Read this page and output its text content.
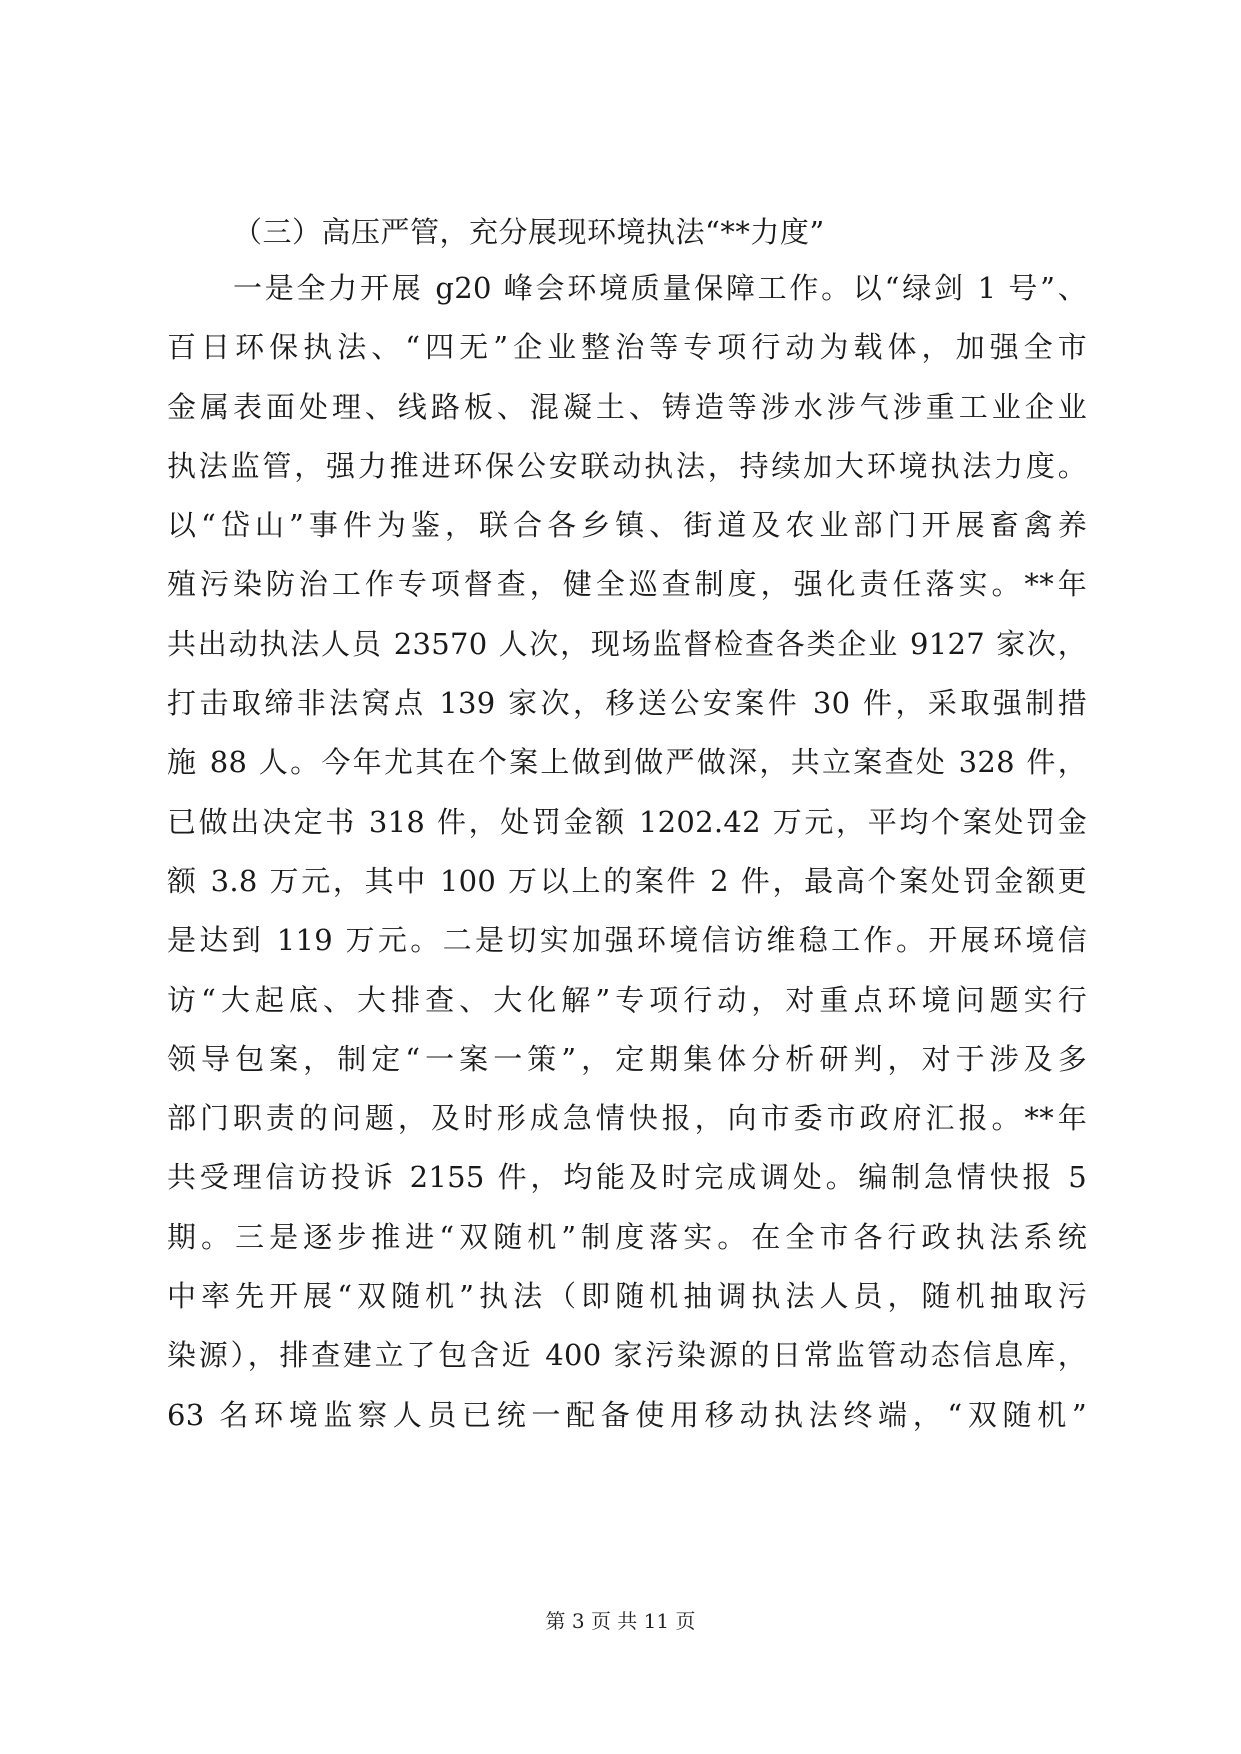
（三）高压严管，充分展现环境执法“**力度”
一是全力开展 g20 峰会环境质量保障工作。以“绿剑 1 号”、
百日环保执法、“四无”企业整治等专项行动为载体，加强全市
金属表面处理、线路板、混凝土、铸造等涉水涉气涉重工业企业
执法监管，强力推进环保公安联动执法，持续加大环境执法力度。
以“岱山”事件为鉴，联合各乡镇、街道及农业部门开展畜禽养
殖污染防治工作专项督查，健全巡查制度，强化责任落实。**年
共出动执法人员 23570 人次，现场监督检查各类企业 9127 家次，
打击取缔非法窝点 139 家次，移送公安案件 30 件，采取强制措
施 88 人。今年尤其在个案上做到做严做深，共立案查处 328 件，
已做出决定书 318 件，处罚金额 1202.42 万元，平均个案处罚金
额 3.8 万元，其中 100 万以上的案件 2 件，最高个案处罚金额更
是达到 119 万元。二是切实加强环境信访维稳工作。开展环境信
访“大起底、大排查、大化解”专项行动，对重点环境问题实行
领导包案，制定“一案一策”，定期集体分析研判，对于涉及多
部门职责的问题，及时形成急情快报，向市委市政府汇报。**年
共受理信访投诉 2155 件，均能及时完成调处。编制急情快报 5
期。三是逐步推进“双随机”制度落实。在全市各行政执法系统
中率先开展“双随机”执法（即随机抽调执法人员，随机抽取污
染源），排查建立了包含近 400 家污染源的日常监管动态信息库，
63 名环境监察人员已统一配备使用移动执法终端，“双随机”
第 3 页 共 11 页
